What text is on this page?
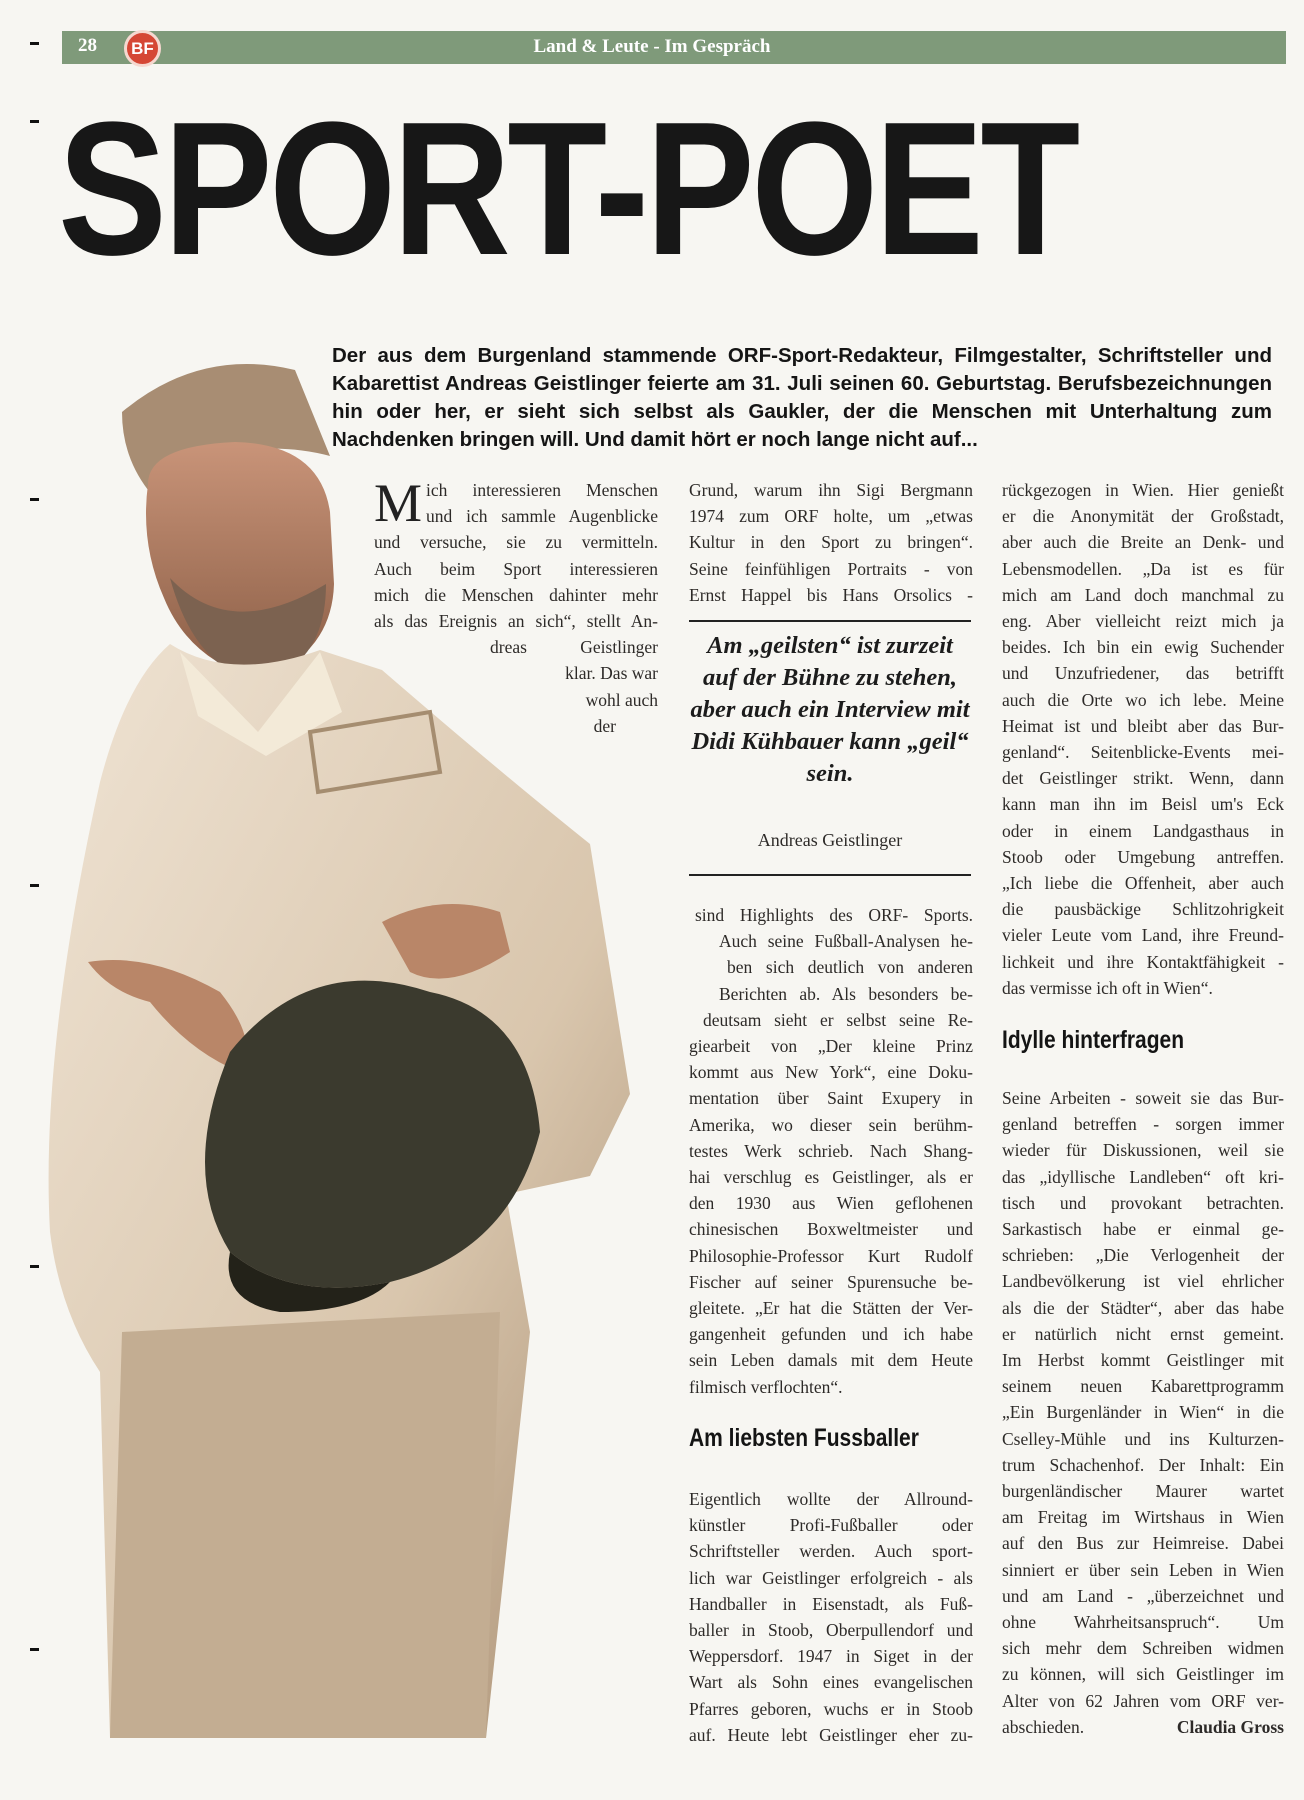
28	BF	Land & Leute - Im Gespräch
SPORT-POET
Der aus dem Burgenland stammende ORF-Sport-Redakteur, Filmgestalter, Schriftsteller und Kabarettist Andreas Geistlinger feierte am 31. Juli seinen 60. Geburtstag. Berufsbezeichnungen hin oder her, er sieht sich selbst als Gaukler, der die Menschen mit Unterhaltung zum Nachdenken bringen will. Und damit hört er noch lange nicht auf...
M ich interessieren Menschen
und ich sammle Augenblicke
und versuche, sie zu vermitteln.
Auch beim Sport interessieren
mich die Menschen dahinter mehr
als das Ereignis an sich“, stellt An-
dreas Geistlinger
klar. Das war
wohl auch
der
Grund, warum ihn Sigi Bergmann
1974 zum ORF holte, um „etwas
Kultur in den Sport zu bringen“.
Seine feinfühligen Portraits - von
Ernst Happel bis Hans Orsolics -
Am „geilsten“ ist zurzeit auf der Bühne zu stehen, aber auch ein Interview mit Didi Kühbauer kann „geil“ sein.
Andreas Geistlinger
sind Highlights des ORF- Sports.
Auch seine Fußball-Analysen he-
ben sich deutlich von anderen
Berichten ab. Als besonders be-
deutsam sieht er selbst seine Re-
giearbeit von „Der kleine Prinz
kommt aus New York“, eine Doku-
mentation über Saint Exupery in
Amerika, wo dieser sein berühm-
testes Werk schrieb. Nach Shang-
hai verschlug es Geistlinger, als er
den 1930 aus Wien geflohenen
chinesischen Boxweltmeister und
Philosophie-Professor Kurt Rudolf
Fischer auf seiner Spurensuche be-
gleitete. „Er hat die Stätten der Ver-
gangenheit gefunden und ich habe
sein Leben damals mit dem Heute
filmisch verflochten“.
Am liebsten Fussballer
Eigentlich wollte der Allround-
künstler Profi-Fußballer oder
Schriftsteller werden. Auch sport-
lich war Geistlinger erfolgreich - als
Handballer in Eisenstadt, als Fuß-
baller in Stoob, Oberpullendorf und
Weppersdorf. 1947 in Siget in der
Wart als Sohn eines evangelischen
Pfarres geboren, wuchs er in Stoob
auf. Heute lebt Geistlinger eher zu-
rückgezogen in Wien. Hier genießt
er die Anonymität der Großstadt,
aber auch die Breite an Denk- und
Lebensmodellen. „Da ist es für
mich am Land doch manchmal zu
eng. Aber vielleicht reizt mich ja
beides. Ich bin ein ewig Suchender
und Unzufriedener, das betrifft
auch die Orte wo ich lebe. Meine
Heimat ist und bleibt aber das Bur-
genland“. Seitenblicke-Events mei-
det Geistlinger strikt. Wenn, dann
kann man ihn im Beisl um's Eck
oder in einem Landgasthaus in
Stoob oder Umgebung antreffen.
„Ich liebe die Offenheit, aber auch
die pausbäckige Schlitzohrigkeit
vieler Leute vom Land, ihre Freund-
lichkeit und ihre Kontaktfähigkeit -
das vermisse ich oft in Wien“.
Idylle hinterfragen
Seine Arbeiten - soweit sie das Bur-
genland betreffen - sorgen immer
wieder für Diskussionen, weil sie
das „idyllische Landleben“ oft kri-
tisch und provokant betrachten.
Sarkastisch habe er einmal ge-
schrieben: „Die Verlogenheit der
Landbevölkerung ist viel ehrlicher
als die der Städter“, aber das habe
er natürlich nicht ernst gemeint.
Im Herbst kommt Geistlinger mit
seinem neuen Kabarettprogramm
„Ein Burgenländer in Wien“ in die
Cselley-Mühle und ins Kulturzen-
trum Schachenhof. Der Inhalt: Ein
burgenländischer Maurer wartet
am Freitag im Wirtshaus in Wien
auf den Bus zur Heimreise. Dabei
sinniert er über sein Leben in Wien
und am Land - „überzeichnet und
ohne Wahrheitsanspruch“. Um
sich mehr dem Schreiben widmen
zu können, will sich Geistlinger im
Alter von 62 Jahren vom ORF ver-
abschieden.	Claudia Gross
